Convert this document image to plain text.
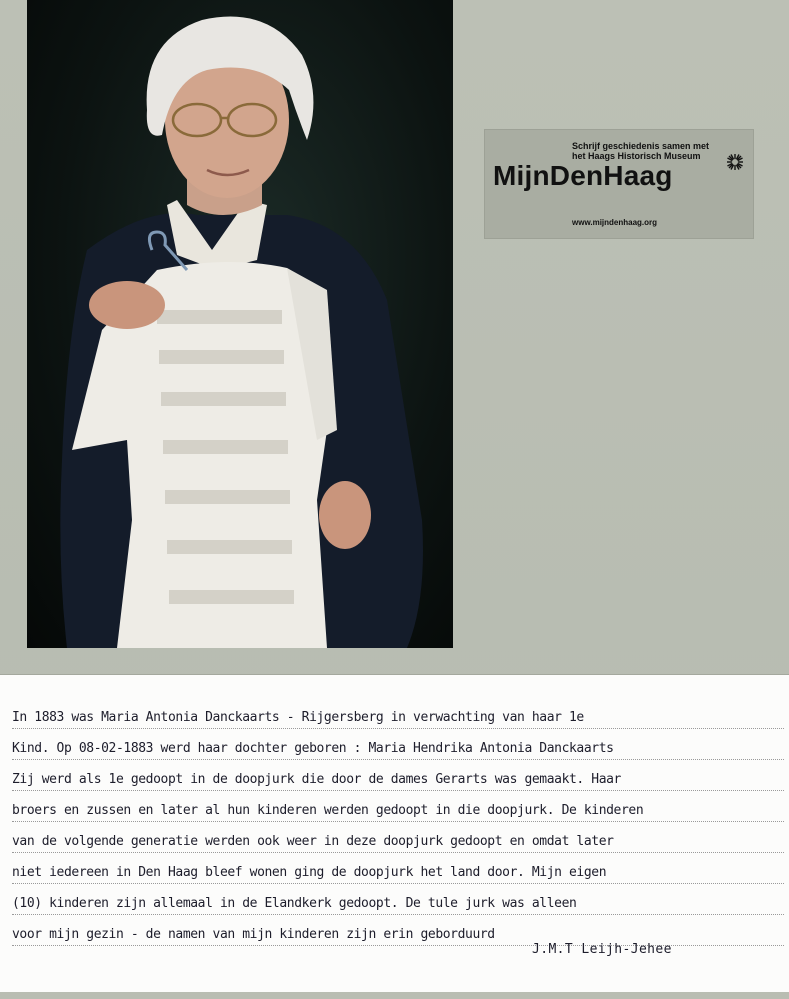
Schrijf geschiedenis samen met
het Haags Historisch Museum
MijnDenHaag
www.mijndenhaag.org
In 1883 was Maria Antonia Danckaarts - Rijgersberg in verwachting van haar 1e
Kind. Op 08-02-1883 werd haar dochter geboren : Maria Hendrika Antonia Danckaarts
Zij werd als 1e gedoopt in de doopjurk die door de dames Gerarts was gemaakt. Haar
broers en zussen en later al hun kinderen werden gedoopt in die doopjurk. De kinderen
van de volgende generatie werden ook weer in deze doopjurk gedoopt en omdat later
niet iedereen in Den Haag bleef wonen ging de doopjurk het land door. Mijn eigen
(10) kinderen zijn allemaal in de Elandkerk gedoopt. De tule jurk was alleen
voor mijn gezin - de namen van mijn kinderen zijn erin geborduurd
J.M.T Leijh-Jehee
